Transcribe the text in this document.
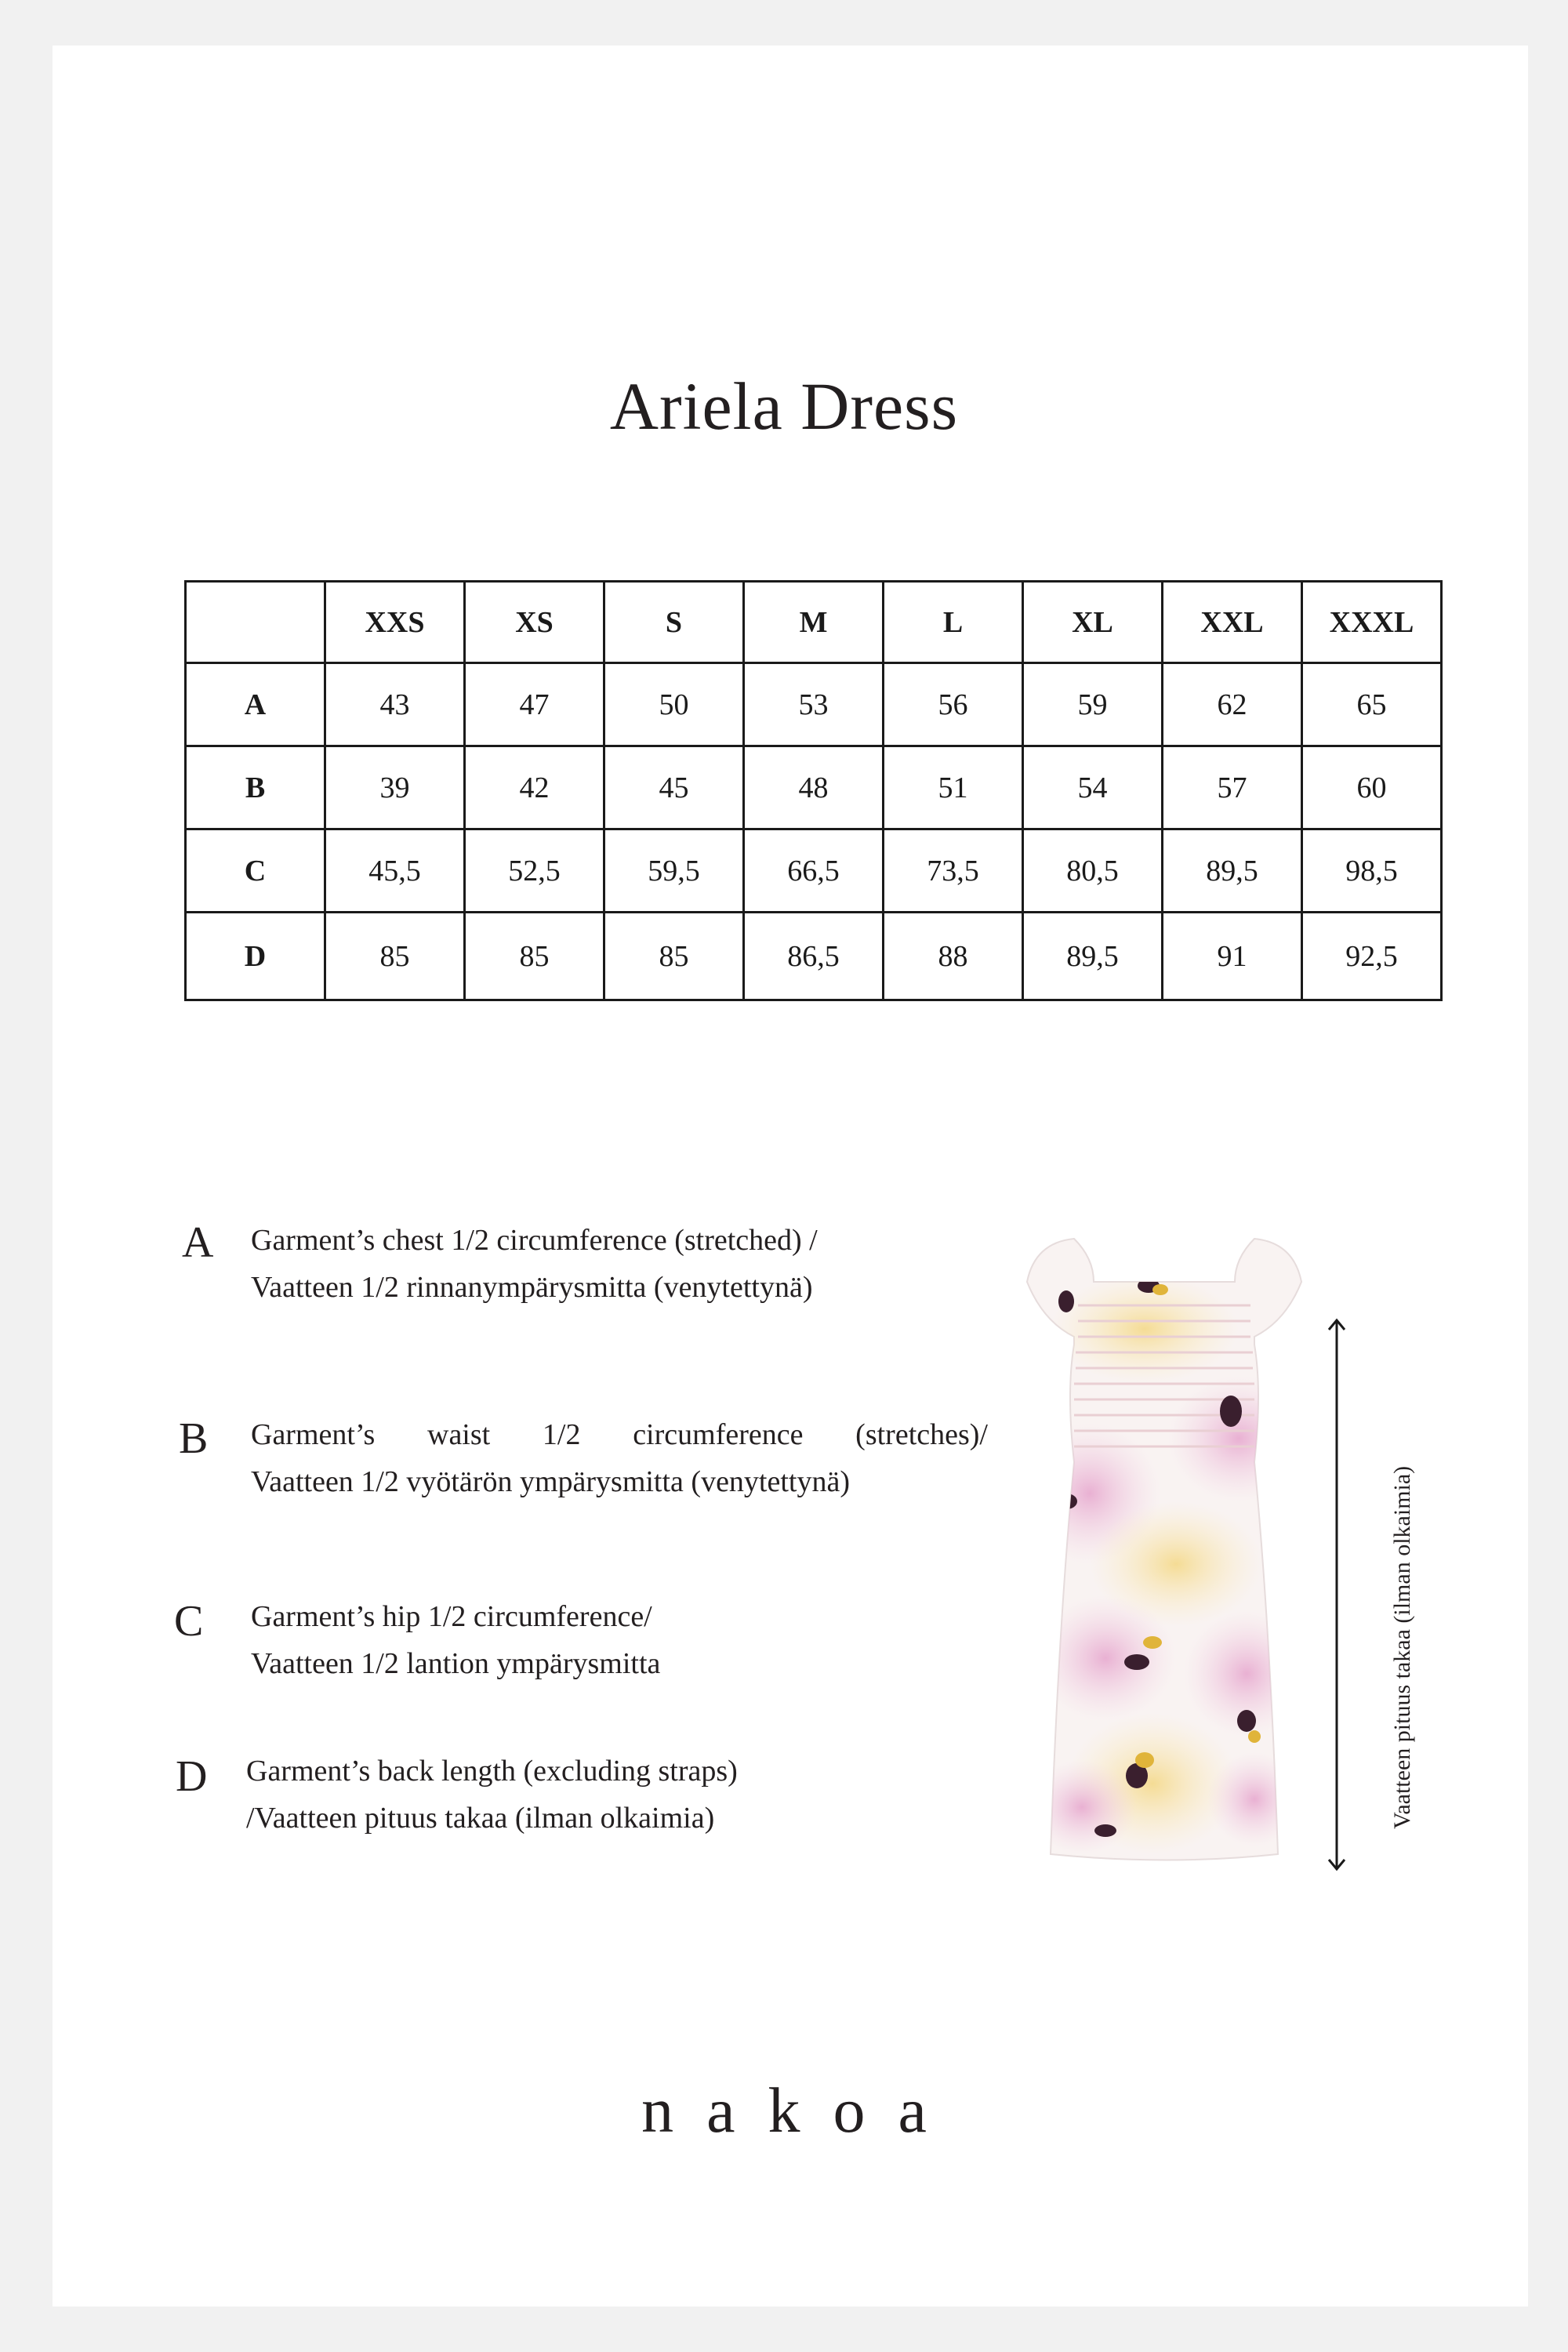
Ariela Dress
	XXS	XS	S	M	L	XL	XXL	XXXL
A	43	47	50	53	56	59	62	65
B	39	42	45	48	51	54	57	60
C	45,5	52,5	59,5	66,5	73,5	80,5	89,5	98,5
D	85	85	85	86,5	88	89,5	91	92,5
A Garment’s chest 1/2 circumference (stretched) /
Vaatteen 1/2 rinnanympärysmitta (venytettynä)
B Garment’s waist 1/2 circumference (stretches)/
Vaatteen 1/2 vyötärön ympärysmitta (venytettynä)
C Garment’s hip 1/2 circumference/
Vaatteen 1/2 lantion ympärysmitta
D Garment’s back length (excluding straps)
/Vaatteen pituus takaa (ilman olkaimia)	Vaatteen pituus takaa (ilman olkaimia)
nakoa
